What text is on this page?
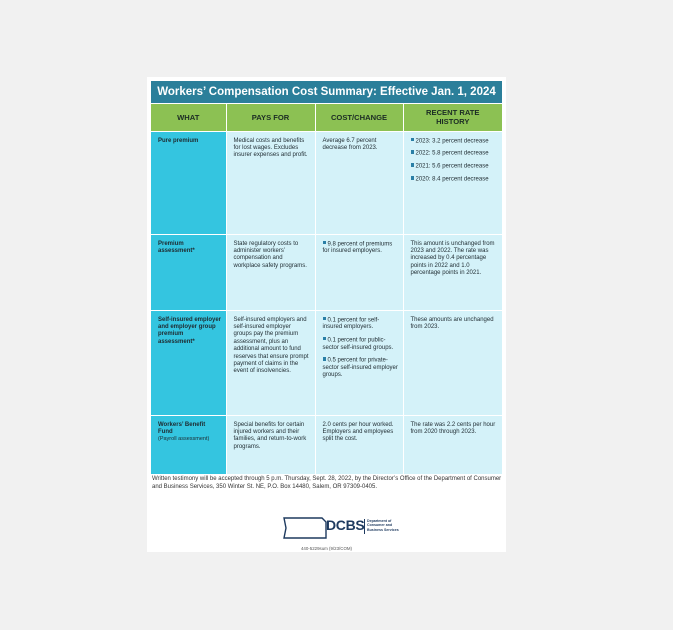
Workers’ Compensation Cost Summary: Effective Jan. 1, 2024
WHAT	PAYS FOR	COST/CHANGE	RECENT RATE
HISTORY
Pure premium	Medical costs and benefits for lost wages. Excludes insurer expenses and profit.	Average 6.7 percent decrease from 2023.	2023: 3.2 percent decrease
2022: 5.8 percent decrease
2021: 5.6 percent decrease
2020: 8.4 percent decrease

Premium assessment*	State regulatory costs to administer workers’ compensation and workplace safety programs.	9.8 percent of premiums for insured employers.	This amount is unchanged from 2023 and 2022. The rate was increased by 0.4 percentage points in 2022 and 1.0 percentage points in 2021.
Self-insured employer and employer group premium assessment*	Self-insured employers and self-insured employer groups pay the premium assessment, plus an additional amount to fund reserves that ensure prompt payment of claims in the event of insolvencies.	0.1 percent for self-insured employers.
0.1 percent for public-sector self-insured groups.
0.5 percent for private-sector self-insured employer groups.	These amounts are unchanged from 2023.
Workers’ Benefit Fund
(Payroll assessment)	Special benefits for certain injured workers and their families, and return-to-work programs.	2.0 cents per hour worked. Employers and employees split the cost.	The rate was 2.2 cents per hour from 2020 through 2023.
Written testimony will be accepted through 5 p.m. Thursday, Sept. 28, 2022, by the Director’s Office of the Department of Consumer and Business Services, 350 Winter St. NE, P.O. Box 14480, Salem, OR 97309-0405.
DCBS Department of Consumer and Business Services
440-5229sum (9/23/COM)
